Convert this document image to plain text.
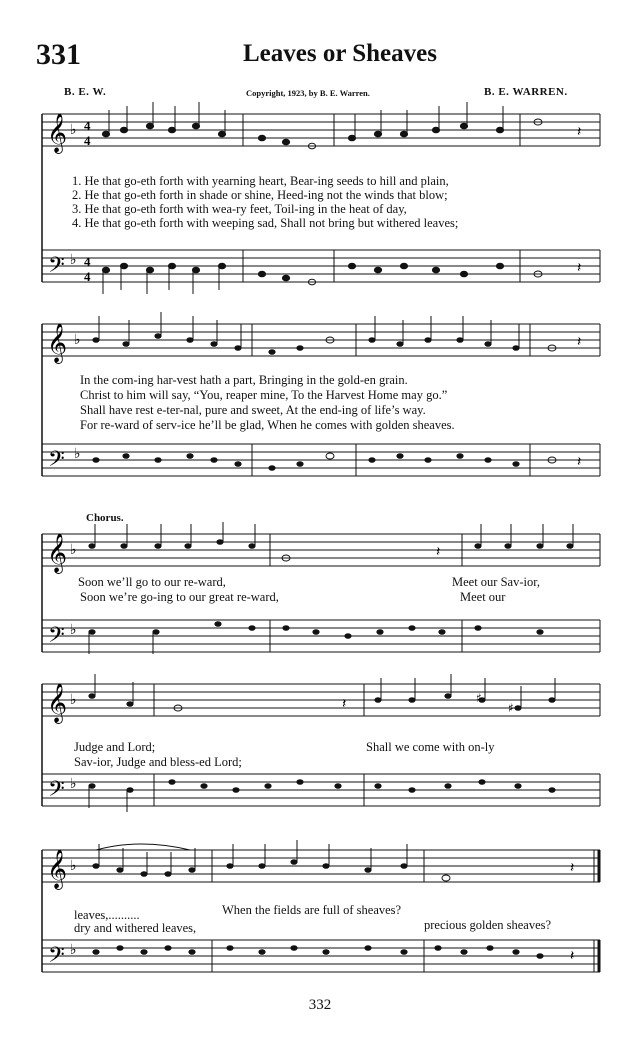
331	Leaves or Sheaves
B. E. W.	Copyright, 1923, by B. E. Warren.	B. E. WARREN.
𝄞
𝄢
♭
♭
4
4
4
4
𝄽
𝄽
1. He that go-eth forth with yearning heart, Bear-ing seeds to hill and plain,
2. He that go-eth forth in shade or shine, Heed-ing not the winds that blow;
3. He that go-eth forth with wea-ry feet, Toil-ing in the heat of day,
4. He that go-eth forth with weeping sad, Shall not bring but withered leaves;
𝄞
𝄢
♭
♭
𝄽
𝄽
In the com-ing har-vest hath a part, Bringing in the gold-en grain.
Christ to him will say, “You, reaper mine, To the Harvest Home may go.”
Shall have rest e-ter-nal, pure and sweet, At the end-ing of life’s way.
For re-ward of serv-ice he’ll be glad, When he comes with golden sheaves.
Chorus.
𝄞
𝄢
♭
♭
𝄽
Soon we’ll go to our re-ward,	Meet our Sav-ior,
Soon we’re go-ing to our great re-ward,	Meet our
𝄞
𝄢
♭
♭
♯
♯
𝄽
Judge and Lord;	Shall we come with on-ly
Sav-ior, Judge and bless-ed Lord;
𝄞
𝄢
♭
♭
𝄽
𝄽
leaves,..........	When the fields are full of sheaves?
dry and withered leaves,	precious golden sheaves?
332
